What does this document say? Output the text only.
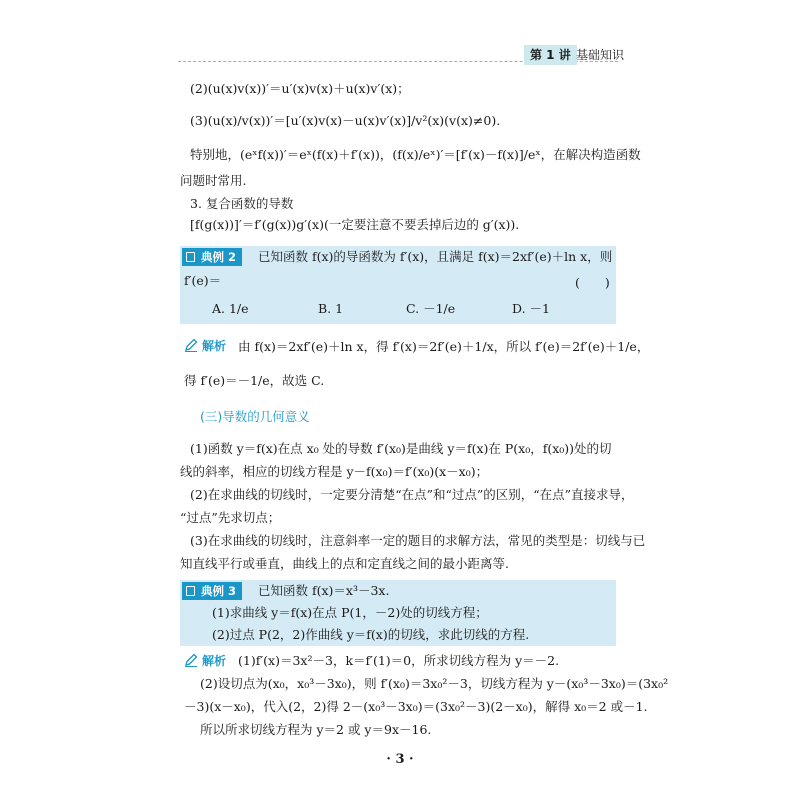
第 1 讲 基础知识
(2)(u(x)v(x))′＝u′(x)v(x)＋u(x)v′(x)；
(3)(u(x)/v(x))′＝[u′(x)v(x)－u(x)v′(x)]/v²(x)(v(x)≠0).
特别地，(eˣf(x))′＝eˣ(f(x)＋f′(x))，(f(x)/eˣ)′＝[f′(x)－f(x)]/eˣ，在解决构造函数
问题时常用.
3. 复合函数的导数
[f(g(x))]′＝f′(g(x))g′(x)(一定要注意不要丢掉后边的 g′(x)).
典例 2	已知函数 f(x)的导函数为 f′(x)，且满足 f(x)＝2xf′(e)＋ln x，则
f′(e)＝	(　　)
A. 1/e	B. 1	C. －1/e	D. －1
解析 由 f(x)＝2xf′(e)＋ln x，得 f′(x)＝2f′(e)＋1/x，所以 f′(e)＝2f′(e)＋1/e，
得 f′(e)＝－1/e，故选 C.
(三)导数的几何意义
(1)函数 y＝f(x)在点 x₀ 处的导数 f′(x₀)是曲线 y＝f(x)在 P(x₀，f(x₀))处的切
线的斜率，相应的切线方程是 y－f(x₀)＝f′(x₀)(x－x₀)；
(2)在求曲线的切线时，一定要分清楚“在点”和“过点”的区别，“在点”直接求导，
“过点”先求切点；
(3)在求曲线的切线时，注意斜率一定的题目的求解方法，常见的类型是：切线与已
知直线平行或垂直，曲线上的点和定直线之间的最小距离等.
典例 3	已知函数 f(x)＝x³－3x.
(1)求曲线 y＝f(x)在点 P(1，－2)处的切线方程；
(2)过点 P(2，2)作曲线 y＝f(x)的切线，求此切线的方程.
解析 (1)f′(x)＝3x²－3，k＝f′(1)＝0，所求切线方程为 y＝－2.
(2)设切点为(x₀，x₀³－3x₀)，则 f′(x₀)＝3x₀²－3，切线方程为 y－(x₀³－3x₀)＝(3x₀²
－3)(x－x₀)，代入(2，2)得 2－(x₀³－3x₀)＝(3x₀²－3)(2－x₀)，解得 x₀＝2 或－1.
所以所求切线方程为 y＝2 或 y＝9x－16.
· 3 ·
